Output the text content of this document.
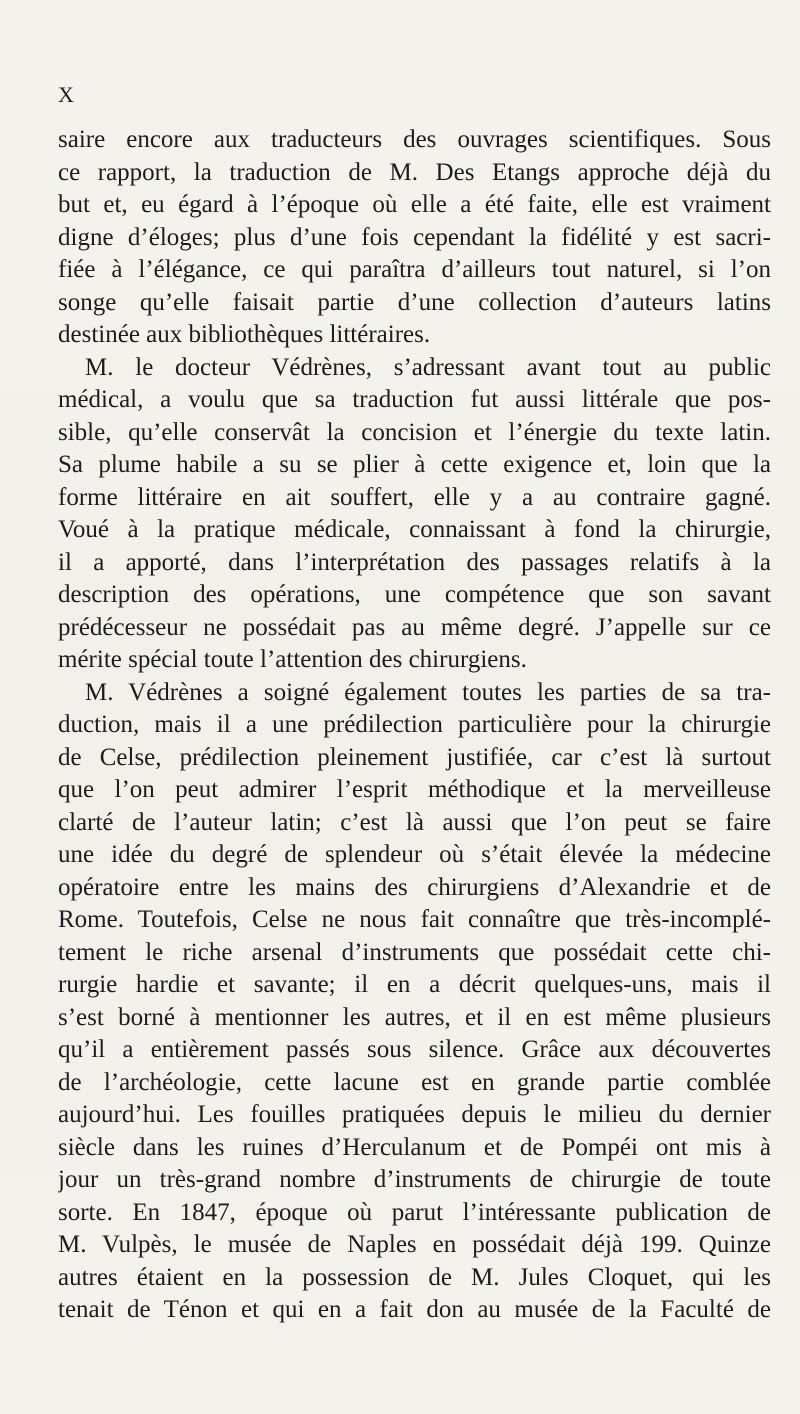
X
saire encore aux traducteurs des ouvrages scientifiques. Sous
ce rapport, la traduction de M. Des Etangs approche déjà du
but et, eu égard à l’époque où elle a été faite, elle est vraiment
digne d’éloges; plus d’une fois cependant la fidélité y est sacri-
fiée à l’élégance, ce qui paraîtra d’ailleurs tout naturel, si l’on
songe qu’elle faisait partie d’une collection d’auteurs latins
destinée aux bibliothèques littéraires.
M. le docteur Védrènes, s’adressant avant tout au public
médical, a voulu que sa traduction fut aussi littérale que pos-
sible, qu’elle conservât la concision et l’énergie du texte latin.
Sa plume habile a su se plier à cette exigence et, loin que la
forme littéraire en ait souffert, elle y a au contraire gagné.
Voué à la pratique médicale, connaissant à fond la chirurgie,
il a apporté, dans l’interprétation des passages relatifs à la
description des opérations, une compétence que son savant
prédécesseur ne possédait pas au même degré. J’appelle sur ce
mérite spécial toute l’attention des chirurgiens.
M. Védrènes a soigné également toutes les parties de sa tra-
duction, mais il a une prédilection particulière pour la chirurgie
de Celse, prédilection pleinement justifiée, car c’est là surtout
que l’on peut admirer l’esprit méthodique et la merveilleuse
clarté de l’auteur latin; c’est là aussi que l’on peut se faire
une idée du degré de splendeur où s’était élevée la médecine
opératoire entre les mains des chirurgiens d’Alexandrie et de
Rome. Toutefois, Celse ne nous fait connaître que très-incomplé-
tement le riche arsenal d’instruments que possédait cette chi-
rurgie hardie et savante; il en a décrit quelques-uns, mais il
s’est borné à mentionner les autres, et il en est même plusieurs
qu’il a entièrement passés sous silence. Grâce aux découvertes
de l’archéologie, cette lacune est en grande partie comblée
aujourd’hui. Les fouilles pratiquées depuis le milieu du dernier
siècle dans les ruines d’Herculanum et de Pompéi ont mis à
jour un très-grand nombre d’instruments de chirurgie de toute
sorte. En 1847, époque où parut l’intéressante publication de
M. Vulpès, le musée de Naples en possédait déjà 199. Quinze
autres étaient en la possession de M. Jules Cloquet, qui les
tenait de Ténon et qui en a fait don au musée de la Faculté de
